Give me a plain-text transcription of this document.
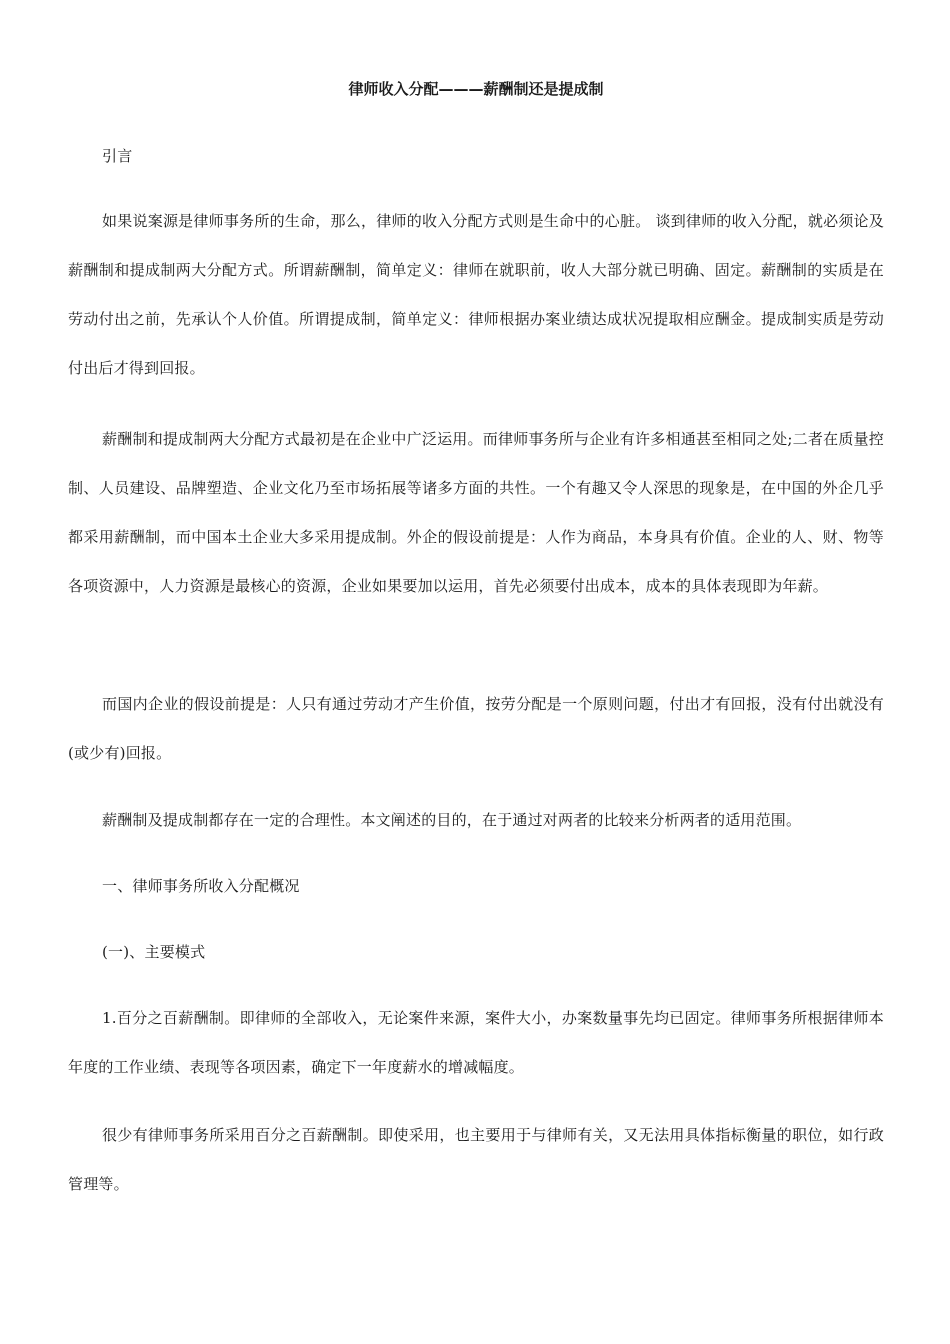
律师收入分配———薪酬制还是提成制

引言

如果说案源是律师事务所的生命，那么，律师的收入分配方式则是生命中的心脏。 谈到律师的收入分配，就必须论及薪酬制和提成制两大分配方式。所谓薪酬制，简单定义：律师在就职前，收人大部分就已明确、固定。薪酬制的实质是在劳动付出之前，先承认个人价值。所谓提成制，简单定义：律师根据办案业绩达成状况提取相应酬金。提成制实质是劳动付出后才得到回报。

薪酬制和提成制两大分配方式最初是在企业中广泛运用。而律师事务所与企业有许多相通甚至相同之处;二者在质量控制、人员建设、品牌塑造、企业文化乃至市场拓展等诸多方面的共性。一个有趣又令人深思的现象是，在中国的外企几乎都采用薪酬制，而中国本土企业大多采用提成制。外企的假设前提是：人作为商品，本身具有价值。企业的人、财、物等各项资源中，人力资源是最核心的资源，企业如果要加以运用，首先必须要付出成本，成本的具体表现即为年薪。

而国内企业的假设前提是：人只有通过劳动才产生价值，按劳分配是一个原则问题，付出才有回报，没有付出就没有(或少有)回报。

薪酬制及提成制都存在一定的合理性。本文阐述的目的，在于通过对两者的比较来分析两者的适用范围。

一、律师事务所收入分配概况

(一)、主要模式

1.百分之百薪酬制。即律师的全部收入，无论案件来源，案件大小，办案数量事先均已固定。律师事务所根据律师本年度的工作业绩、表现等各项因素，确定下一年度薪水的增减幅度。

很少有律师事务所采用百分之百薪酬制。即使采用，也主要用于与律师有关，又无法用具体指标衡量的职位，如行政管理等。
